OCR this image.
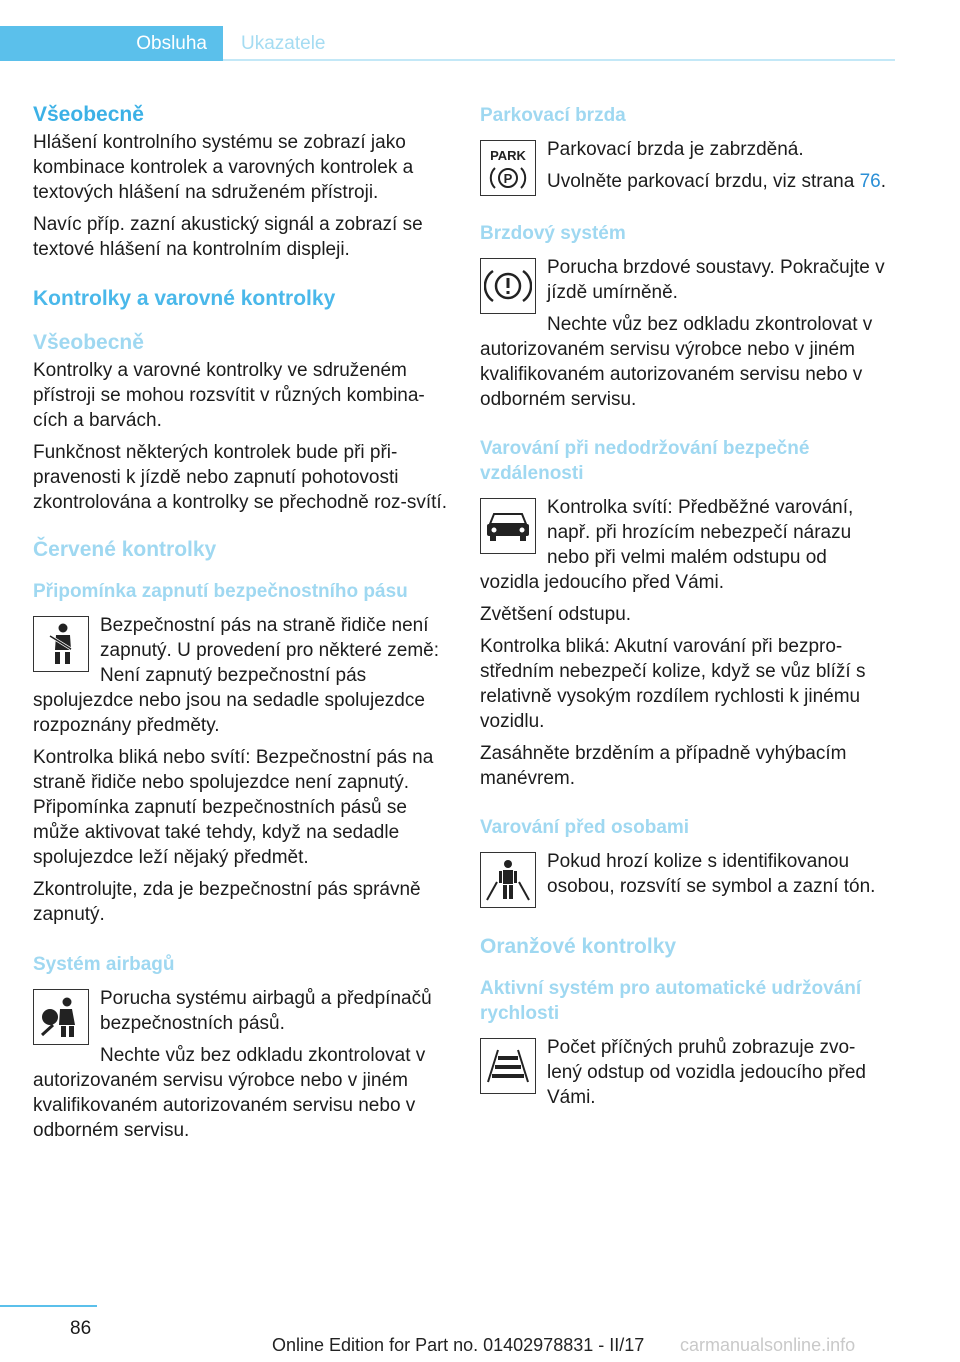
Obsluha	Ukazatele
Všeobecně

Hlášení kontrolního systému se zobrazí jako kombinace kontrolek a varovných kontrolek a textových hlášení na sdruženém přístroji.

Navíc příp. zazní akustický signál a zobrazí se textové hlášení na kontrolním displeji.

Kontrolky a varovné kontrolky
Všeobecně

Kontrolky a varovné kontrolky ve sdruženém přístroji se mohou rozsvítit v různých kombina‐cích a barvách.

Funkčnost některých kontrolek bude při při‐pravenosti k jízdě nebo zapnutí pohotovosti zkontrolována a kontrolky se přechodně roz‐svítí.

Červené kontrolky
Připomínka zapnutí bezpečnostního pásu

Bezpečnostní pás na straně řidiče není zapnutý. U provedení pro některé země: Není zapnutý bezpečnostní pás spolujezdce nebo jsou na sedadle spolujezdce rozpoznány předměty.

Kontrolka bliká nebo svítí: Bezpečnostní pás na straně řidiče nebo spolujezdce není zapnutý. Připomínka zapnutí bezpečnostních pásů se může aktivovat také tehdy, když na sedadle spolujezdce leží nějaký předmět.

Zkontrolujte, zda je bezpečnostní pás správně zapnutý.

Systém airbagů

Porucha systému airbagů a předpínačů bezpečnostních pásů.

Nechte vůz bez odkladu zkontrolovat v autorizovaném servisu výrobce nebo v jiném kvalifikovaném autorizovaném servisu nebo v odborném servisu.

Parkovací brzda
PARK
P

Parkovací brzda je zabrzděná.

Uvolněte parkovací brzdu, viz strana 76.

Brzdový systém

Porucha brzdové soustavy. Pokračujte v jízdě umírněně.

Nechte vůz bez odkladu zkontrolovat v autorizovaném servisu výrobce nebo v jiném kvalifikovaném autorizovaném servisu nebo v odborném servisu.

Varování při nedodržování bezpečné vzdálenosti

Kontrolka svítí: Předběžné varování, např. při hrozícím nebezpečí nárazu nebo při velmi malém odstupu od vozidla jedoucího před Vámi.

Zvětšení odstupu.

Kontrolka bliká: Akutní varování při bezpro‐středním nebezpečí kolize, když se vůz blíží s relativně vysokým rozdílem rychlosti k jinému vozidlu.

Zasáhněte brzděním a případně vyhýbacím manévrem.

Varování před osobami

Pokud hrozí kolize s identifikovanou osobou, rozsvítí se symbol a zazní tón.

Oranžové kontrolky
Aktivní systém pro automatické udržování rychlosti

Počet příčných pruhů zobrazuje zvo‐lený odstup od vozidla jedoucího před Vámi.

86
Online Edition for Part no. 01402978831 - II/17 carmanualsonline.info
